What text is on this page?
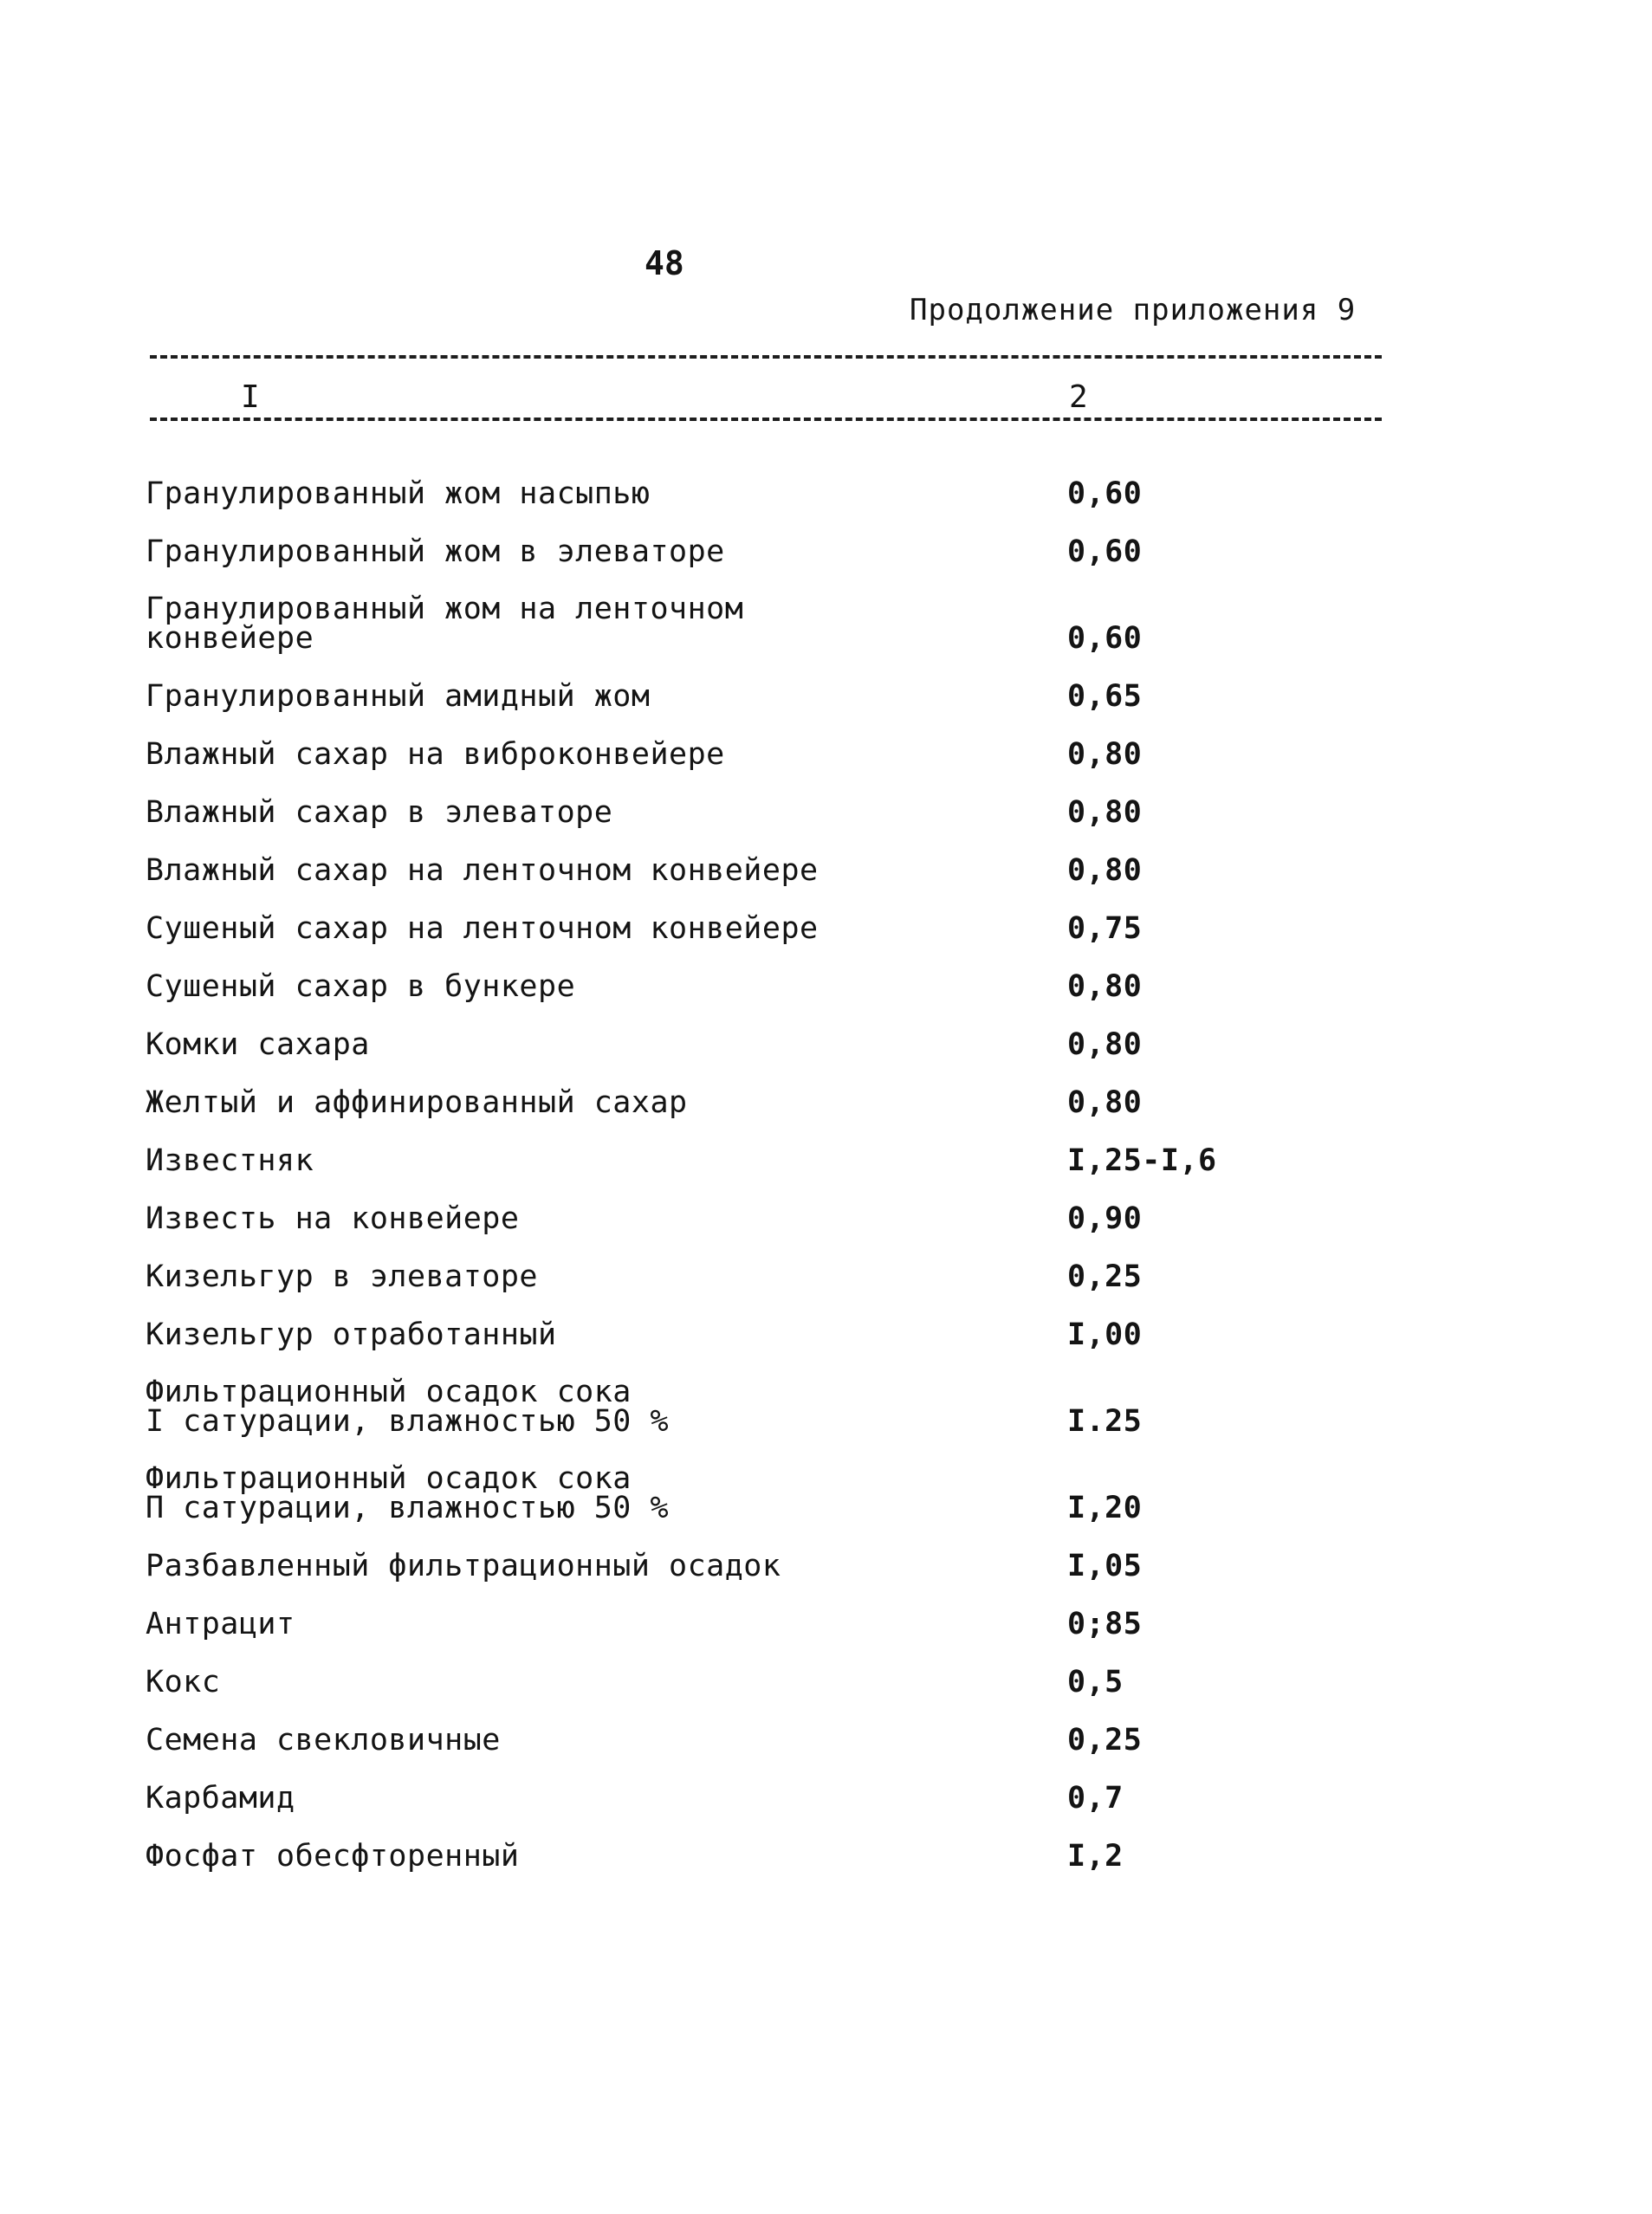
48
Продолжение приложения 9
I	2
Гранулированный жом насыпью	0,60
Гранулированный жом в элеваторе	0,60
Гранулированный жом на ленточном
конвейере	0,60
Гранулированный амидный жом	0,65
Влажный сахар на виброконвейере	0,80
Влажный сахар в элеваторе	0,80
Влажный сахар на ленточном конвейере	0,80
Сушеный сахар на ленточном конвейере	0,75
Сушеный сахар в бункере	0,80
Комки сахара	0,80
Желтый и аффинированный сахар	0,80
Известняк	I,25-I,6
Известь на конвейере	0,90
Кизельгур в элеваторе	0,25
Кизельгур отработанный	I,00
Фильтрационный осадок сока
I сатурации, влажностью 50 %	I.25
Фильтрационный осадок сока
П сатурации, влажностью 50 %	I,20
Разбавленный фильтрационный осадок	I,05
Антрацит	0;85
Кокс	0,5
Семена свекловичные	0,25
Карбамид	0,7
Фосфат обесфторенный	I,2
